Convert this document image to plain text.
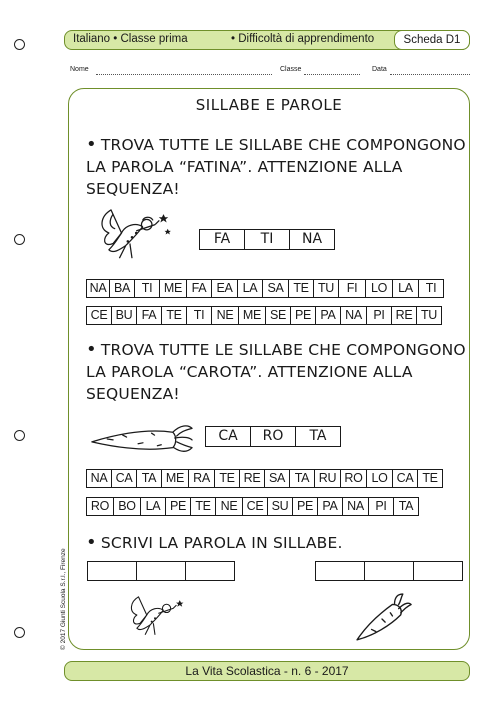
Italiano • Classe prima	• Difficoltà di apprendimento	Scheda D1
Nome	Classe	Data
SILLABE E PAROLE
• TROVA TUTTE LE SILLABE CHE COMPONGONO LA PAROLA “FATINA”. ATTENZIONE ALLA SEQUENZA!
FA	TI	NA
NA BA TI ME FA EA LA SA TE TU	FI	LO LA	TI
CE BU FA TE TI NE ME SE PE PA NA PI RE TU
• TROVA TUTTE LE SILLABE CHE COMPONGONO LA PAROLA “CAROTA”. ATTENZIONE ALLA SEQUENZA!
CA	RO	TA
NA CA TA ME RA TE RE SA TA RU RO LO CA TE
RO BO LA PE TE NE CE SU PE PA NA PI TA
• SCRIVI LA PAROLA IN SILLABE.
© 2017 Giunti Scuola S.r.l., Firenze
La Vita Scolastica - n. 6 - 2017
